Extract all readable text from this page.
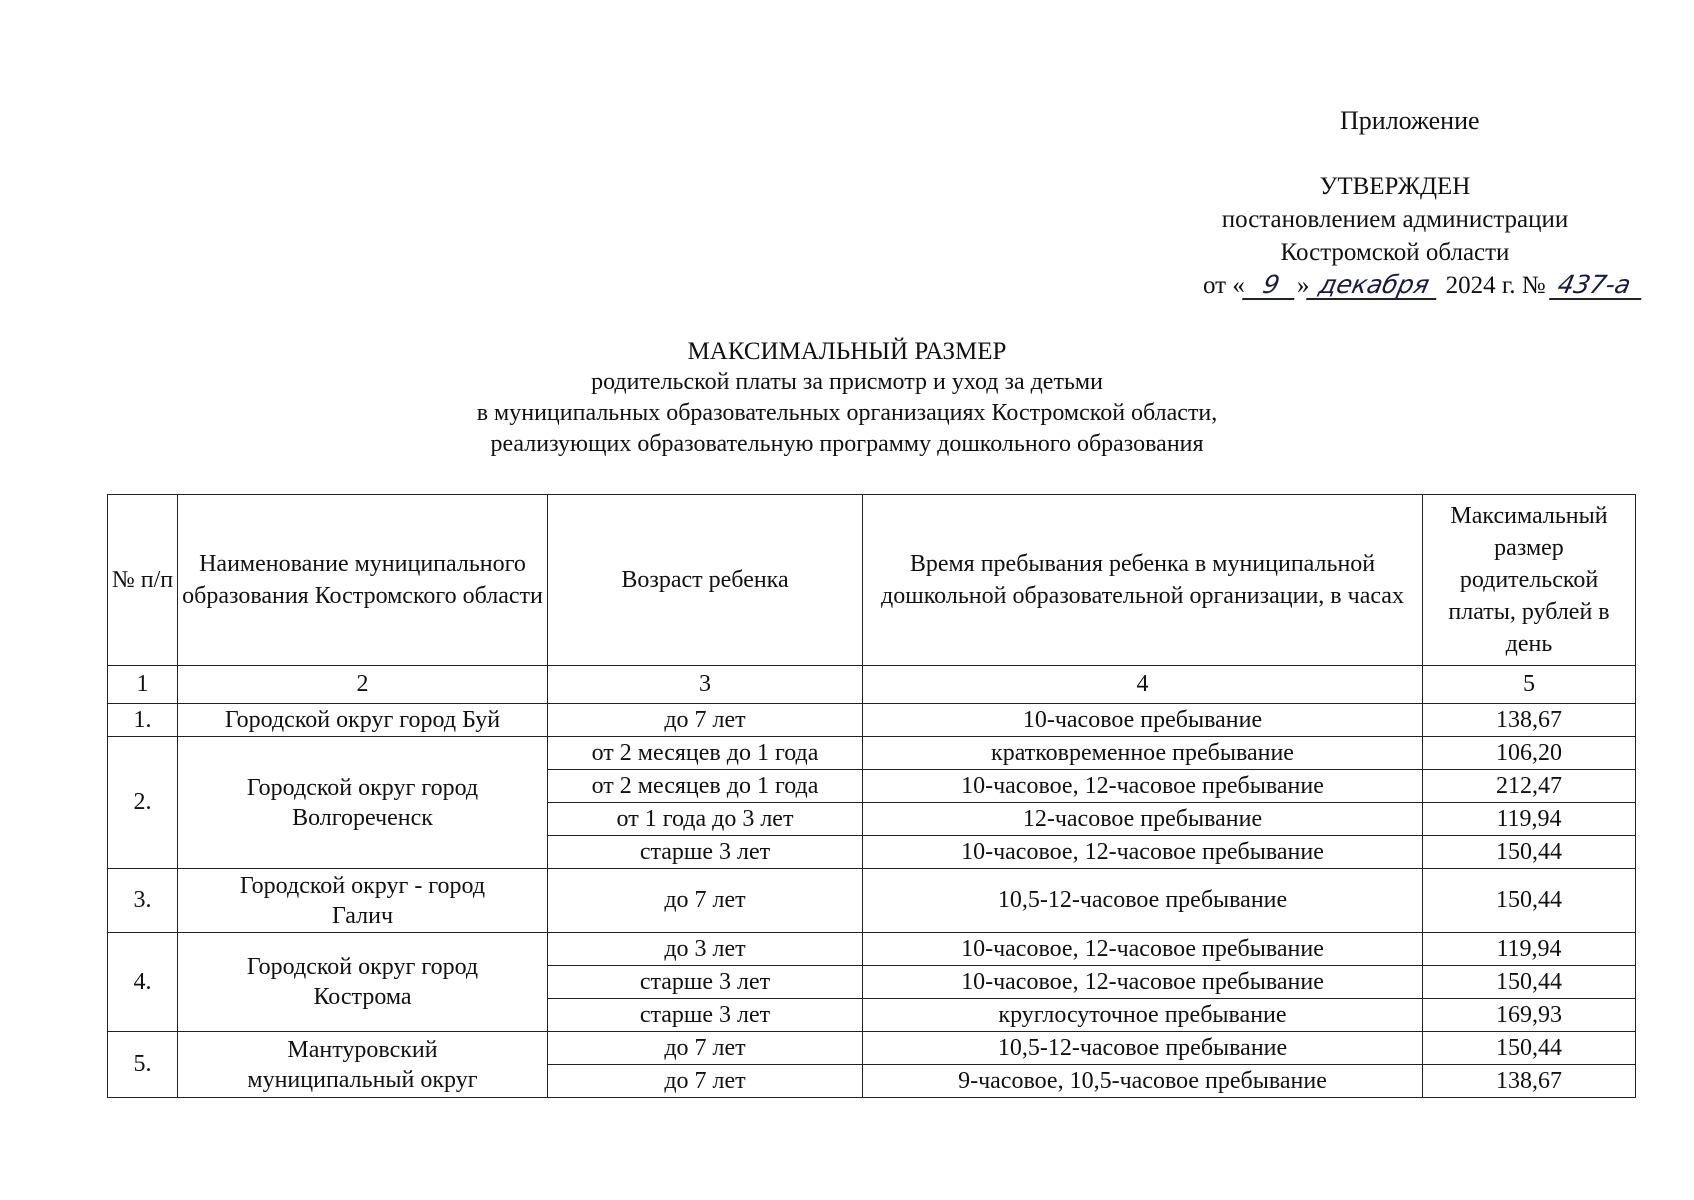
Приложение
УТВЕРЖДЕН
постановлением администрации
Костромской области
от « 9 » декабря 2024 г. № 437-а
МАКСИМАЛЬНЫЙ РАЗМЕР
родительской платы за присмотр и уход за детьми
в муниципальных образовательных организациях Костромской области,
реализующих образовательную программу дошкольного образования
№ п/п	Наименование муниципального образования Костромского области	Возраст ребенка	Время пребывания ребенка в муниципальной дошкольной образовательной организации, в часах	Максимальный размер родительской платы, рублей в день
1	2	3	4	5
1.	Городской округ город Буй	до 7 лет	10-часовое пребывание	138,67
2.	Городской округ город Волгореченск	от 2 месяцев до 1 года	кратковременное пребывание	106,20
		от 2 месяцев до 1 года	10-часовое, 12-часовое пребывание	212,47
		от 1 года до 3 лет	12-часовое пребывание	119,94
		старше 3 лет	10-часовое, 12-часовое пребывание	150,44
3.	Городской округ - город Галич	до 7 лет	10,5-12-часовое пребывание	150,44
4.	Городской округ город Кострома	до 3 лет	10-часовое, 12-часовое пребывание	119,94
		старше 3 лет	10-часовое, 12-часовое пребывание	150,44
		старше 3 лет	круглосуточное пребывание	169,93
5.	Мантуровский муниципальный округ	до 7 лет	10,5-12-часовое пребывание	150,44
		до 7 лет	9-часовое, 10,5-часовое пребывание	138,67
